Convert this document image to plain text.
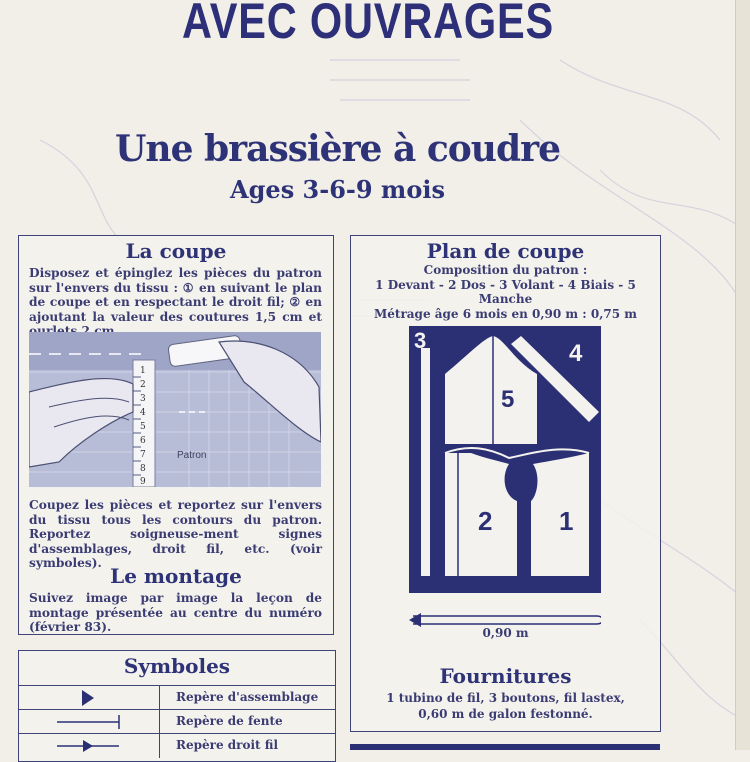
AVEC OUVRAGES
Une brassière à coudre
Ages 3-6-9 mois
La coupe
Disposez et épinglez les pièces du patron sur l'envers du tissu : ① en suivant le plan de coupe et en respectant le droit fil; ② en ajoutant la valeur des coutures 1,5 cm et
1
2
3
4
5
6
7
8
9
Patron
Coupez les pièces et reportez sur l'envers du tissu tous les contours du patron. Reportez soigneuse-ment signes d'assemblages, droit fil, etc. (voir symboles).
Le montage
Suivez image par image la leçon de montage présentée au centre du numéro (février 83).
Plan de coupe
Composition du patron :
1 Devant - 2 Dos - 3 Volant - 4 Biais - 5 Manche
Métrage âge 6 mois en 0,90 m : 0,75 m
3	4
5
2	1
0,90 m
Fournitures
1 tubino de fil, 3 boutons, fil lastex,
0,60 m de galon festonné.
Symboles
Repère d'assemblage
Repère de fente
Repère droit fil
